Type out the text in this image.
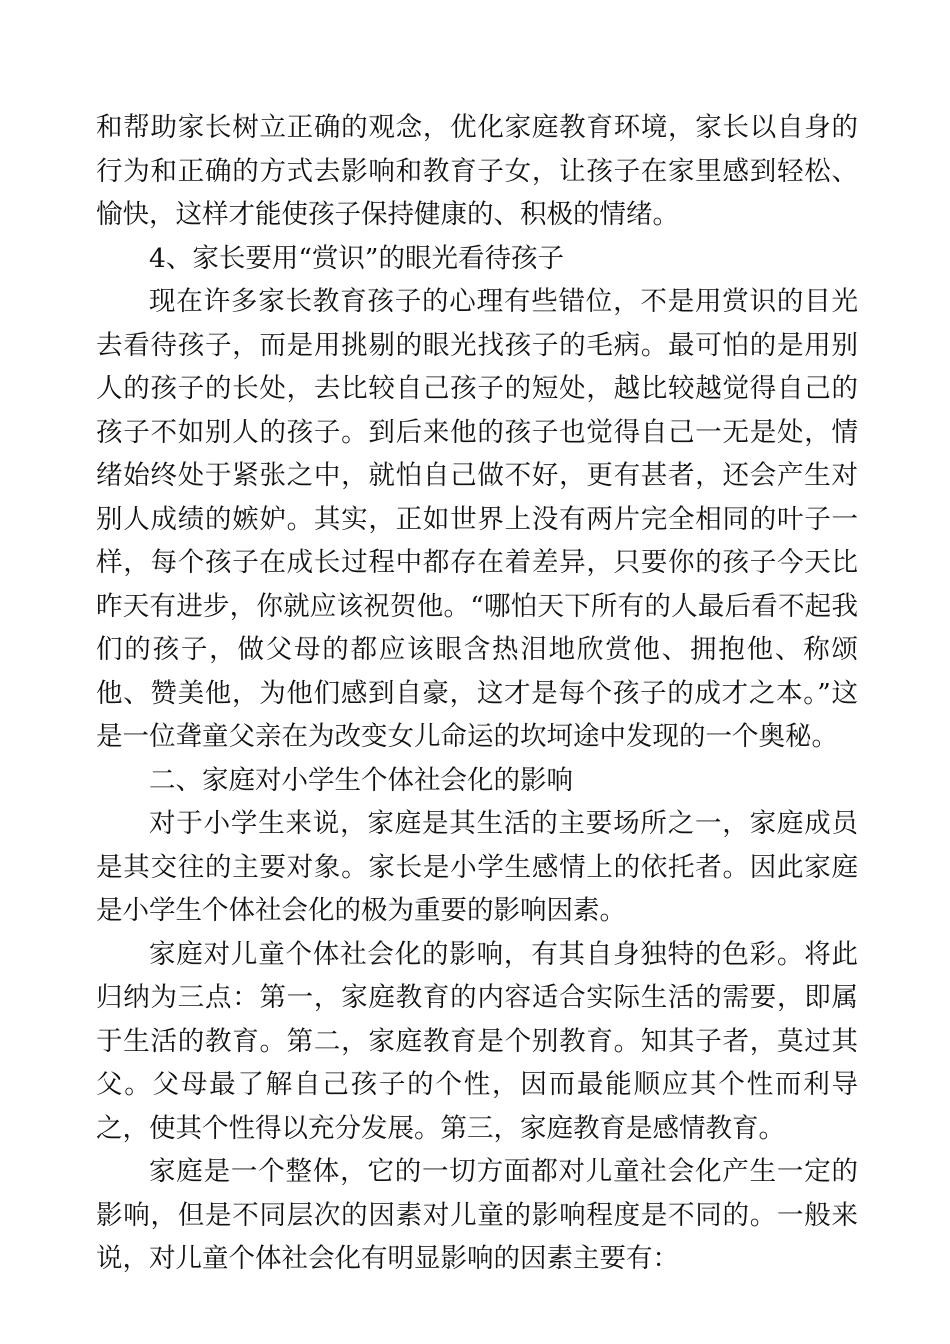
和帮助家长树立正确的观念，优化家庭教育环境，家长以自身的行为和正确的方式去影响和教育子女，让孩子在家里感到轻松、愉快，这样才能使孩子保持健康的、积极的情绪。

4、家长要用“赏识”的眼光看待孩子

现在许多家长教育孩子的心理有些错位，不是用赏识的目光去看待孩子，而是用挑剔的眼光找孩子的毛病。最可怕的是用别人的孩子的长处，去比较自己孩子的短处，越比较越觉得自己的孩子不如别人的孩子。到后来他的孩子也觉得自己一无是处，情绪始终处于紧张之中，就怕自己做不好，更有甚者，还会产生对别人成绩的嫉妒。其实，正如世界上没有两片完全相同的叶子一样，每个孩子在成长过程中都存在着差异，只要你的孩子今天比昨天有进步，你就应该祝贺他。“哪怕天下所有的人最后看不起我们的孩子，做父母的都应该眼含热泪地欣赏他、拥抱他、称颂他、赞美他，为他们感到自豪，这才是每个孩子的成才之本。”这是一位聋童父亲在为改变女儿命运的坎坷途中发现的一个奥秘。

二、家庭对小学生个体社会化的影响

对于小学生来说，家庭是其生活的主要场所之一，家庭成员是其交往的主要对象。家长是小学生感情上的依托者。因此家庭是小学生个体社会化的极为重要的影响因素。

家庭对儿童个体社会化的影响，有其自身独特的色彩。将此归纳为三点：第一，家庭教育的内容适合实际生活的需要，即属于生活的教育。第二，家庭教育是个别教育。知其子者，莫过其父。父母最了解自己孩子的个性，因而最能顺应其个性而利导之，使其个性得以充分发展。第三，家庭教育是感情教育。

家庭是一个整体，它的一切方面都对儿童社会化产生一定的影响，但是不同层次的因素对儿童的影响程度是不同的。一般来说，对儿童个体社会化有明显影响的因素主要有：
